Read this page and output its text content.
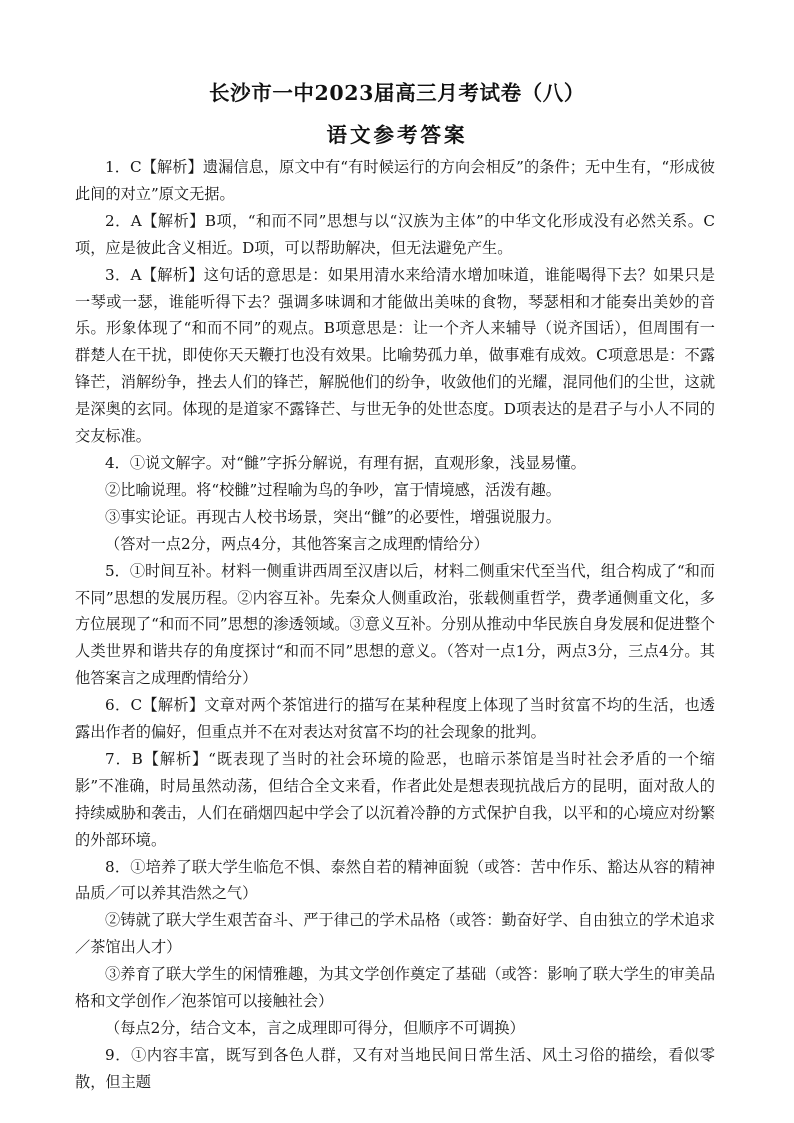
长沙市一中2023届高三月考试卷（八）
语文参考答案

1．C【解析】遗漏信息，原文中有“有时候运行的方向会相反”的条件；无中生有，“形成彼此间的对立”原文无据。

2．A【解析】B项，“和而不同”思想与以“汉族为主体”的中华文化形成没有必然关系。C项，应是彼此含义相近。D项，可以帮助解决，但无法避免产生。

3．A【解析】这句话的意思是：如果用清水来给清水增加味道，谁能喝得下去？如果只是一琴或一瑟，谁能听得下去？强调多味调和才能做出美味的食物，琴瑟相和才能奏出美妙的音乐。形象体现了“和而不同”的观点。B项意思是：让一个齐人来辅导（说齐国话），但周围有一群楚人在干扰，即使你天天鞭打也没有效果。比喻势孤力单，做事难有成效。C项意思是：不露锋芒，消解纷争，挫去人们的锋芒，解脱他们的纷争，收敛他们的光耀，混同他们的尘世，这就是深奥的玄同。体现的是道家不露锋芒、与世无争的处世态度。D项表达的是君子与小人不同的交友标准。

4．①说文解字。对“雠”字拆分解说，有理有据，直观形象，浅显易懂。

②比喻说理。将“校雠”过程喻为鸟的争吵，富于情境感，活泼有趣。

③事实论证。再现古人校书场景，突出“雠”的必要性，增强说服力。

（答对一点2分，两点4分，其他答案言之成理酌情给分）

5．①时间互补。材料一侧重讲西周至汉唐以后，材料二侧重宋代至当代，组合构成了“和而不同”思想的发展历程。②内容互补。先秦众人侧重政治，张载侧重哲学，费孝通侧重文化，多方位展现了“和而不同”思想的渗透领域。③意义互补。分别从推动中华民族自身发展和促进整个人类世界和谐共存的角度探讨“和而不同”思想的意义。（答对一点1分，两点3分，三点4分。其他答案言之成理酌情给分）

6．C【解析】文章对两个茶馆进行的描写在某种程度上体现了当时贫富不均的生活，也透露出作者的偏好，但重点并不在对表达对贫富不均的社会现象的批判。

7．B【解析】“既表现了当时的社会环境的险恶，也暗示茶馆是当时社会矛盾的一个缩影”不准确，时局虽然动荡，但结合全文来看，作者此处是想表现抗战后方的昆明，面对敌人的持续威胁和袭击，人们在硝烟四起中学会了以沉着冷静的方式保护自我，以平和的心境应对纷繁的外部环境。

8．①培养了联大学生临危不惧、泰然自若的精神面貌（或答：苦中作乐、豁达从容的精神品质／可以养其浩然之气）

②铸就了联大学生艰苦奋斗、严于律己的学术品格（或答：勤奋好学、自由独立的学术追求／茶馆出人才）

③养育了联大学生的闲情雅趣，为其文学创作奠定了基础（或答：影响了联大学生的审美品格和文学创作／泡茶馆可以接触社会）

（每点2分，结合文本，言之成理即可得分，但顺序不可调换）

9．①内容丰富，既写到各色人群，又有对当地民间日常生活、风土习俗的描绘，看似零散，但主题
